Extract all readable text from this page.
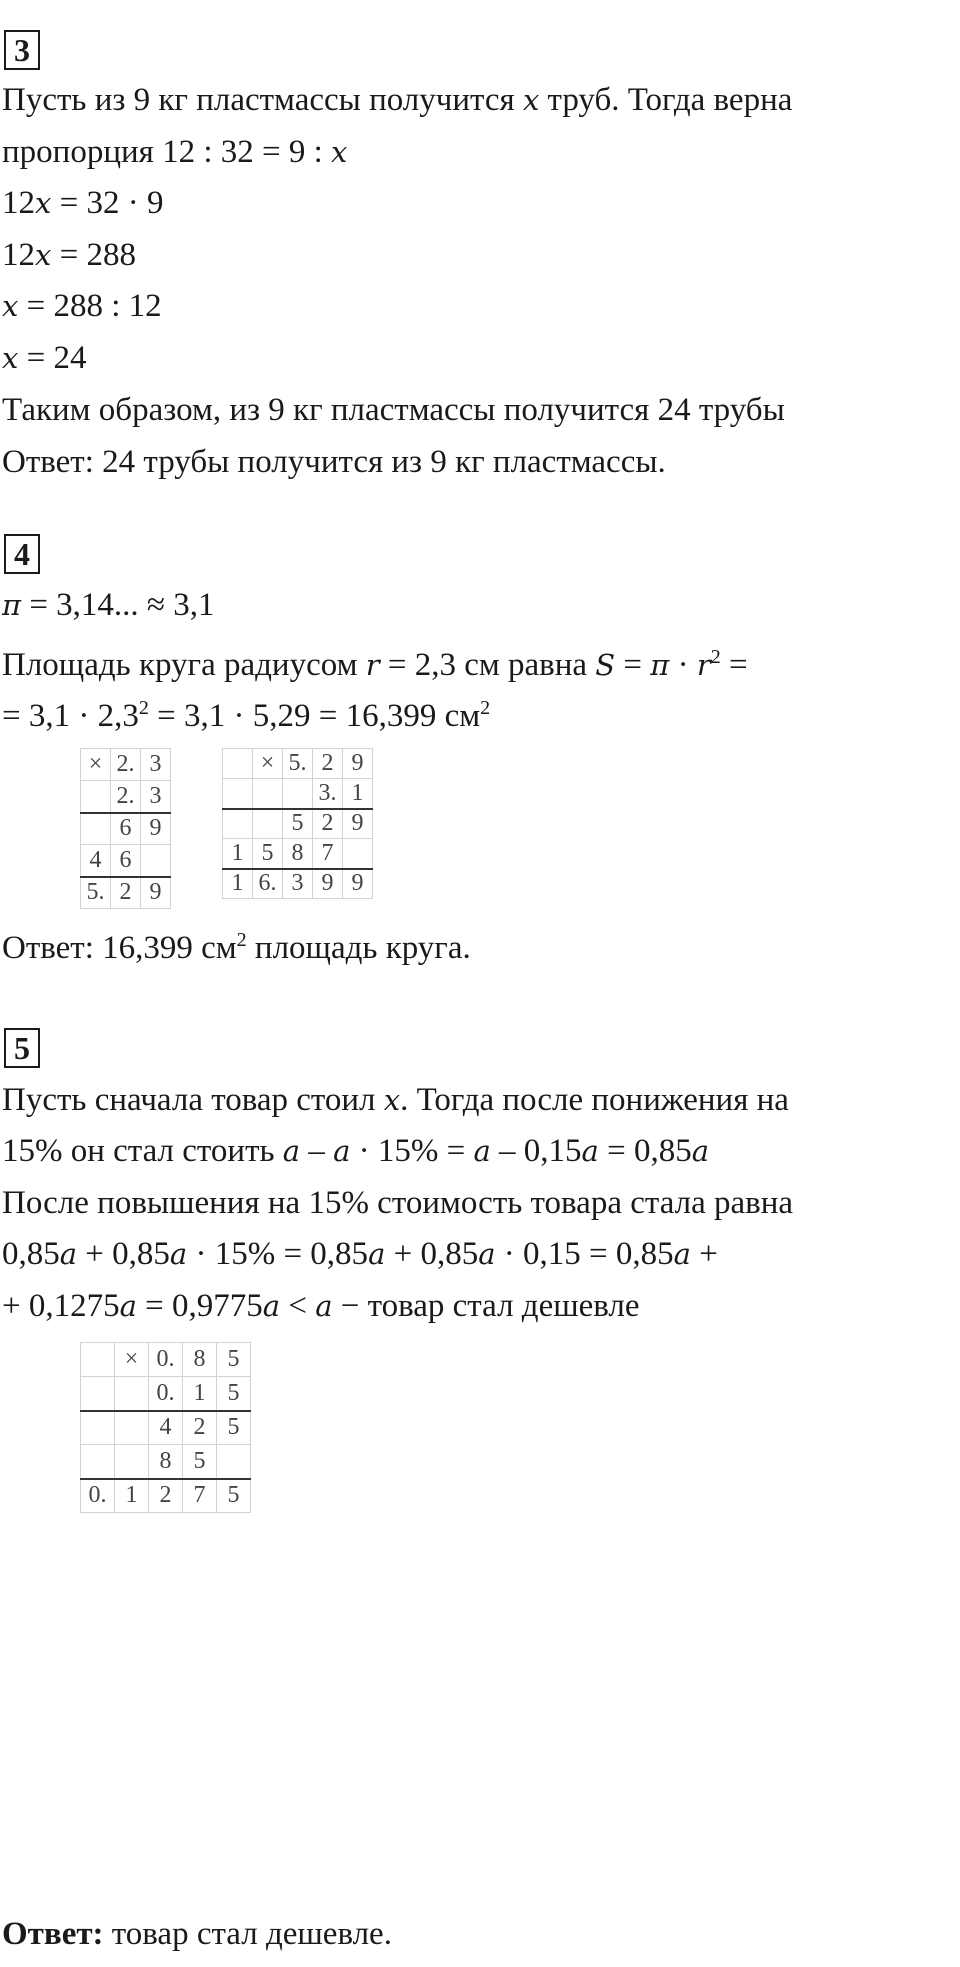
3
Пусть из 9 кг пластмассы получится x труб. Тогда верна
пропорция 12 : 32 = 9 : x
12x = 32 · 9
12x = 288
x = 288 : 12
x = 24
Таким образом, из 9 кг пластмассы получится 24 трубы
Ответ: 24 трубы получится из 9 кг пластмассы.
4
π = 3,14... ≈ 3,1
Площадь круга радиусом r = 2,3 см равна $S = \pi \cdot r^2$ =
= $3,1 \cdot 2,3^2 = 3,1 \cdot 5,29 = 16,399$ $см^2$
×	2.	3
	2.	3
	6	9
4	6	
5.	2	9
	×	5.	2	9
			3.	1
		5	2	9
1	5	8	7	
1	6.	3	9	9
Ответ: 16,399 $см^2$ площадь круга.
5
Пусть сначала товар стоил x. Тогда после понижения на
15% он стал стоить a – a · 15% = a – 0,15a = 0,85a
После повышения на 15% стоимость товара стала равна
0,85a + 0,85a · 15% = 0,85a + 0,85a · 0,15 = 0,85a +
+ 0,1275a = 0,9775a < a − товар стал дешевле
	×	0.	8	5
		0.	1	5
		4	2	5
		8	5	
0.	1	2	7	5
Ответ: товар стал дешевле.
